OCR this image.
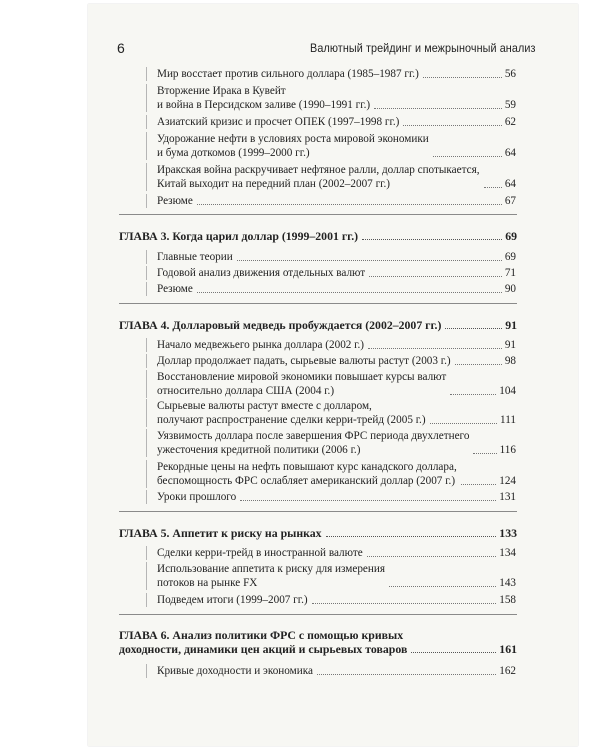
6	Валютный трейдинг и межрыночный анализ
Мир восстает против сильного доллара (1985–1987 гг.)	56
Вторжение Ирака в Кувейт
и война в Персидском заливе (1990–1991 гг.)	59
Азиатский кризис и просчет ОПЕК (1997–1998 гг.)	62
Удорожание нефти в условиях роста мировой экономики
и бума доткомов (1999–2000 гг.)	64
Иракская война раскручивает нефтяное ралли, доллар спотыкается,
Китай выходит на передний план (2002–2007 гг.)	64
Резюме	67
ГЛАВА 3. Когда царил доллар (1999–2001 гг.)	69
Главные теории	69
Годовой анализ движения отдельных валют	71
Резюме	90
ГЛАВА 4. Долларовый медведь пробуждается (2002–2007 гг.)	91
Начало медвежьего рынка доллара (2002 г.)	91
Доллар продолжает падать, сырьевые валюты растут (2003 г.)	98
Восстановление мировой экономики повышает курсы валют
относительно доллара США (2004 г.)	104
Сырьевые валюты растут вместе с долларом,
получают распространение сделки керри-трейд (2005 г.)	111
Уязвимость доллара после завершения ФРС периода двухлетнего
ужесточения кредитной политики (2006 г.)	116
Рекордные цены на нефть повышают курс канадского доллара,
беспомощность ФРС ослабляет американский доллар (2007 г.)	124
Уроки прошлого	131
ГЛАВА 5. Аппетит к риску на рынках	133
Сделки керри-трейд в иностранной валюте	134
Использование аппетита к риску для измерения
потоков на рынке FX	143
Подведем итоги (1999–2007 гг.)	158
ГЛАВА 6. Анализ политики ФРС с помощью кривых
доходности, динамики цен акций и сырьевых товаров	161
Кривые доходности и экономика	162
